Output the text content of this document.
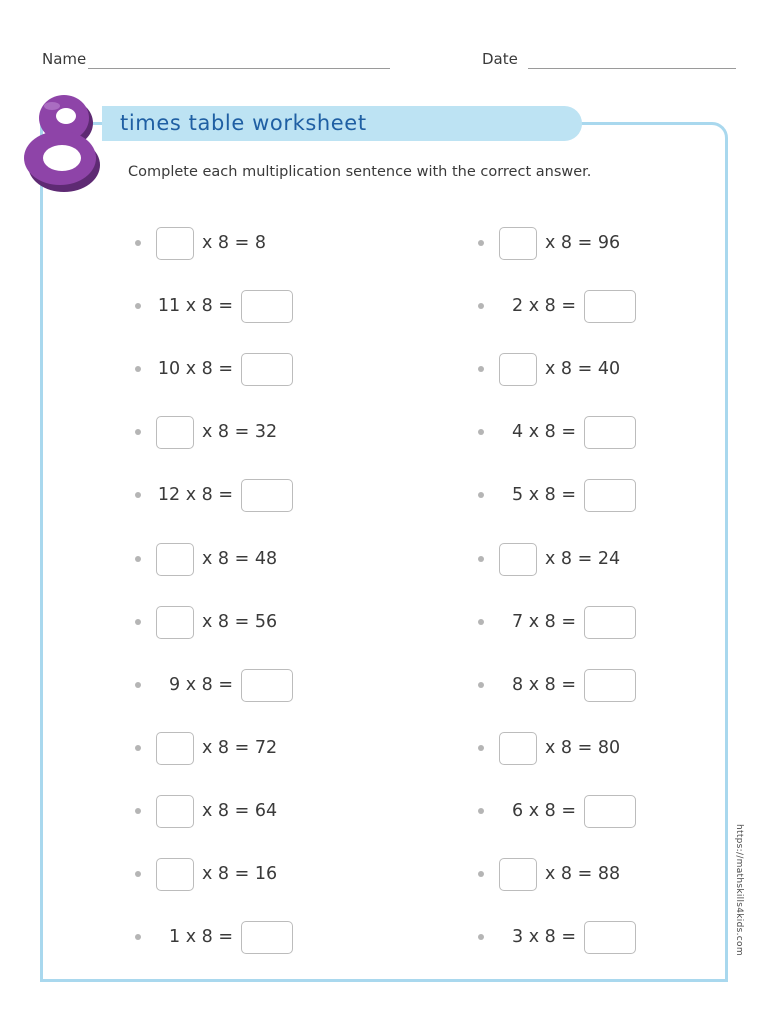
Name	Date
times table worksheet
8
Complete each multiplication sentence with the correct answer.
x 8 = 8
11 x 8 =
10 x 8 =
x 8 = 32
12 x 8 =
x 8 = 48
x 8 = 56
9 x 8 =
x 8 = 72
x 8 = 64
x 8 = 16
1 x 8 =
x 8 = 96
2 x 8 =
x 8 = 40
4 x 8 =
5 x 8 =
x 8 = 24
7 x 8 =
8 x 8 =
x 8 = 80
6 x 8 =
x 8 = 88
3 x 8 =	https://mathskills4kids.com
